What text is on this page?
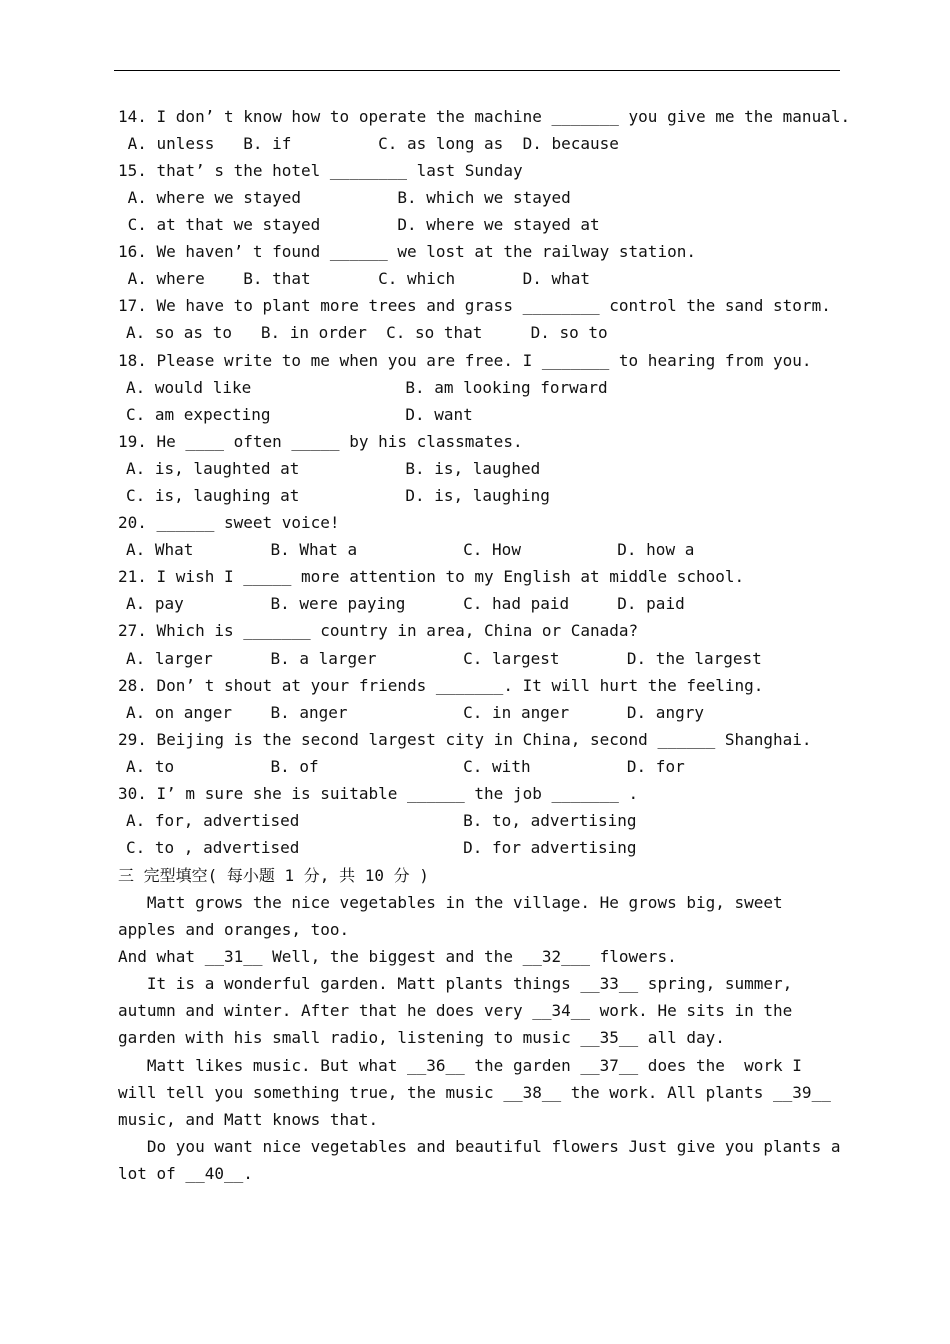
14. I don’ t know how to operate the machine _______ you give me the manual.
A. unless   B. if         C. as long as  D. because
15. that’ s the hotel ________ last Sunday
A. where we stayed          B. which we stayed
C. at that we stayed        D. where we stayed at
16. We haven’ t found ______ we lost at the railway station.
A. where    B. that       C. which       D. what
17. We have to plant more trees and grass ________ control the sand storm.
A. so as to   B. in order  C. so that     D. so to
18. Please write to me when you are free. I _______ to hearing from you.
A. would like                B. am looking forward
C. am expecting              D. want
19. He ____ often _____ by his classmates.
A. is, laughted at           B. is, laughed
C. is, laughing at           D. is, laughing
20. ______ sweet voice!
A. What        B. What a           C. How          D. how a
21. I wish I _____ more attention to my English at middle school.
A. pay         B. were paying      C. had paid     D. paid
27. Which is _______ country in area, China or Canada?
A. larger      B. a larger         C. largest       D. the largest
28. Don’ t shout at your friends _______. It will hurt the feeling.
A. on anger    B. anger            C. in anger      D. angry
29. Beijing is the second largest city in China, second ______ Shanghai.
A. to          B. of               C. with          D. for
30. I’ m sure she is suitable ______ the job _______ .
A. for, advertised                 B. to, advertising
C. to , advertised                 D. for advertising
三 完型填空( 每小题 1 分, 共 10 分 )
Matt grows the nice vegetables in the village. He grows big, sweet
apples and oranges, too.
And what __31__ Well, the biggest and the __32___ flowers.
It is a wonderful garden. Matt plants things __33__ spring, summer,
autumn and winter. After that he does very __34__ work. He sits in the
garden with his small radio, listening to music __35__ all day.
Matt likes music. But what __36__ the garden __37__ does the  work I
will tell you something true, the music __38__ the work. All plants __39__
music, and Matt knows that.
Do you want nice vegetables and beautiful flowers Just give you plants a
lot of __40__.
